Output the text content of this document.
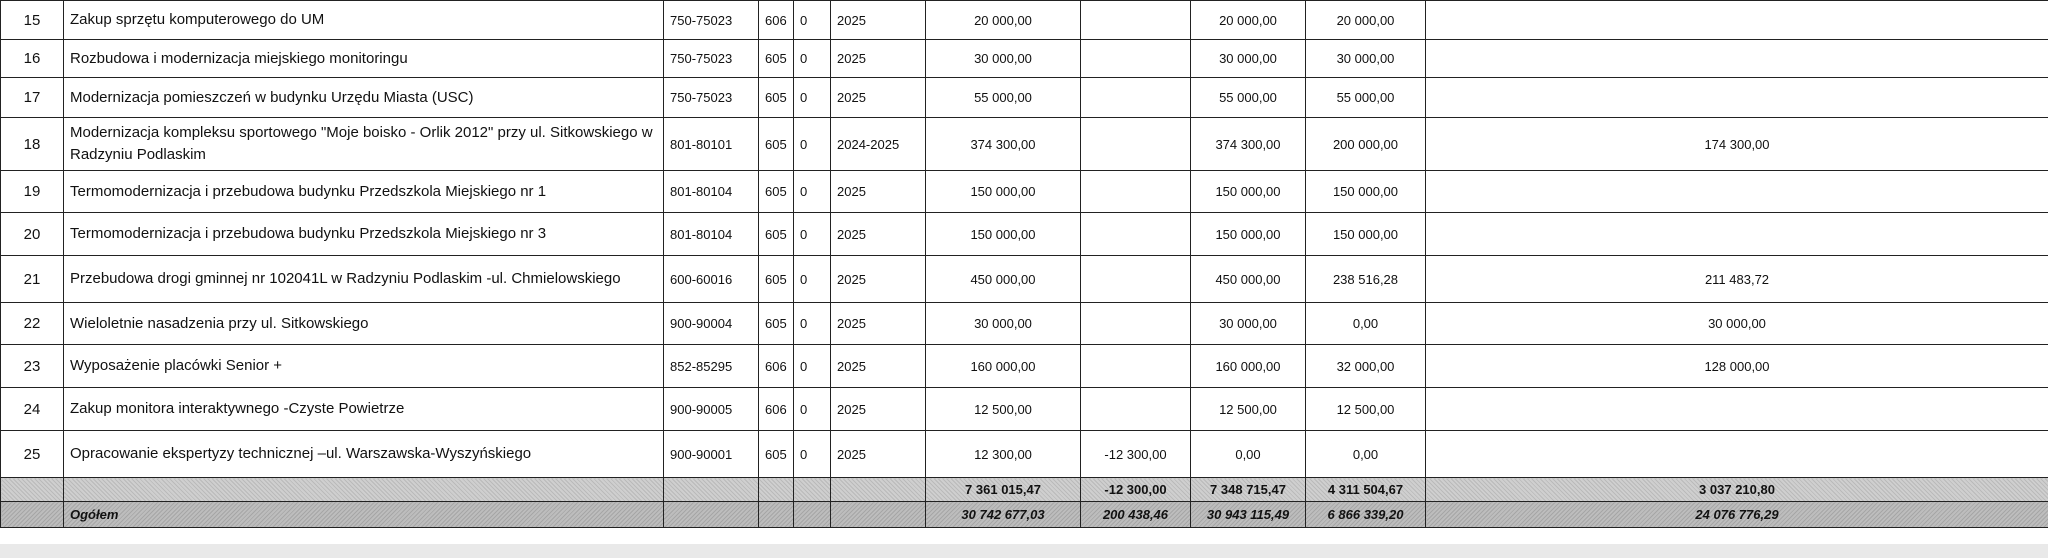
15	Zakup sprzętu komputerowego do UM	750-75023	606	0	2025	20 000,00		20 000,00	20 000,00	
16	Rozbudowa i modernizacja miejskiego monitoringu	750-75023	605	0	2025	30 000,00		30 000,00	30 000,00	
17	Modernizacja pomieszczeń w budynku Urzędu Miasta (USC)	750-75023	605	0	2025	55 000,00		55 000,00	55 000,00	
18	Modernizacja kompleksu sportowego "Moje boisko - Orlik 2012" przy ul. Sitkowskiego w Radzyniu Podlaskim	801-80101	605	0	2024-2025	374 300,00		374 300,00	200 000,00	174 300,00
19	Termomodernizacja i przebudowa budynku Przedszkola Miejskiego nr 1	801-80104	605	0	2025	150 000,00		150 000,00	150 000,00	
20	Termomodernizacja i przebudowa budynku Przedszkola Miejskiego nr 3	801-80104	605	0	2025	150 000,00		150 000,00	150 000,00	
21	Przebudowa drogi gminnej nr 102041L w Radzyniu Podlaskim -ul. Chmielowskiego	600-60016	605	0	2025	450 000,00		450 000,00	238 516,28	211 483,72
22	Wieloletnie nasadzenia przy ul. Sitkowskiego	900-90004	605	0	2025	30 000,00		30 000,00	0,00	30 000,00
23	Wyposażenie placówki Senior +	852-85295	606	0	2025	160 000,00		160 000,00	32 000,00	128 000,00
24	Zakup monitora interaktywnego -Czyste Powietrze	900-90005	606	0	2025	12 500,00		12 500,00	12 500,00	
25	Opracowanie ekspertyzy technicznej –ul. Warszawska-Wyszyńskiego	900-90001	605	0	2025	12 300,00	-12 300,00	0,00	0,00	
						7 361 015,47	-12 300,00	7 348 715,47	4 311 504,67	3 037 210,80
	Ogółem					30 742 677,03	200 438,46	30 943 115,49	6 866 339,20	24 076 776,29
